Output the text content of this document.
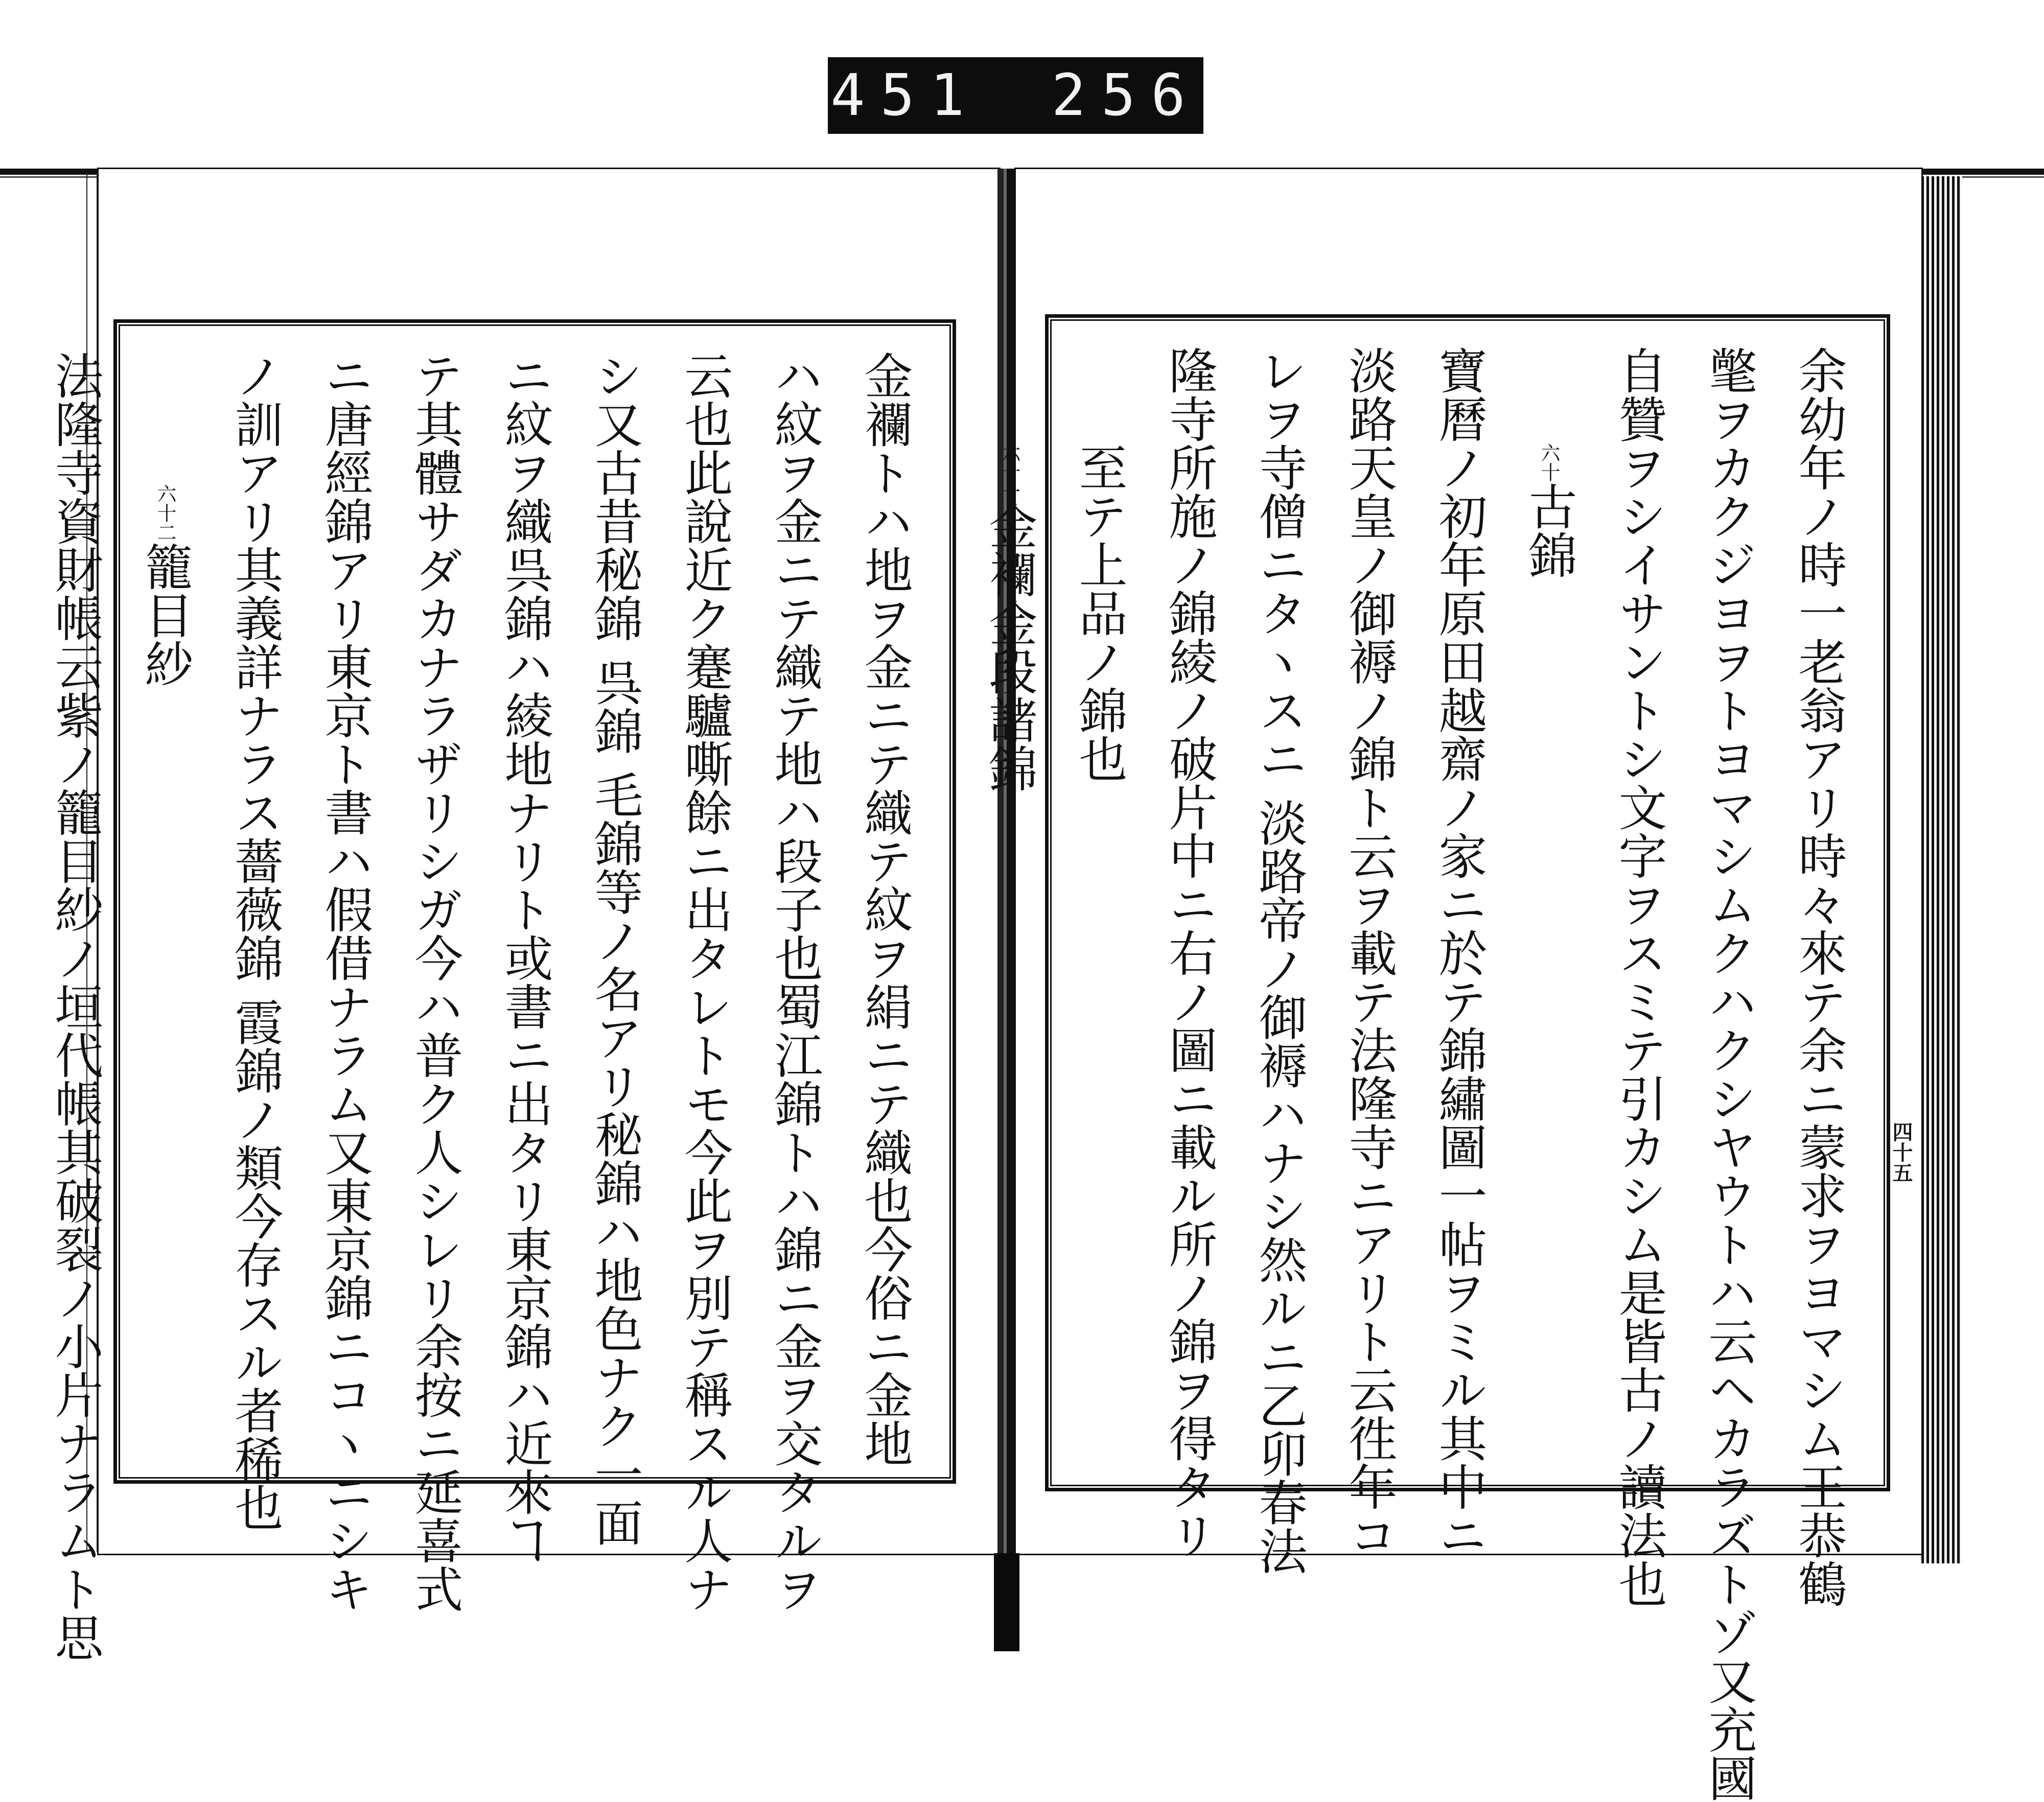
451 256
余幼年ノ時一老翁アリ時々來テ余ニ蒙求ヲヨマシム王恭鶴
氅ヲカクジヨヲトヨマシムクハクシヤウトハ云ヘカラズトゾ又充國
自贊ヲシイサントシ文字ヲスミテ引カシム是皆古ノ讀法也
六十古錦
寶曆ノ初年原田越齋ノ家ニ於テ錦繡圖一帖ヲミル其中ニ
淡路天皇ノ御褥ノ錦ト云ヲ載テ法隆寺ニアリト云徃年コ
レヲ寺僧ニタヽスニ 淡路帝ノ御褥ハナシ然ルニ乙卯春法
隆寺所施ノ錦綾ノ破片中ニ右ノ圖ニ載ル所ノ錦ヲ得タリ
至テ上品ノ錦也
六十一金襴金段諸錦
金襴トハ地ヲ金ニテ織テ紋ヲ絹ニテ織也今俗ニ金地
ハ紋ヲ金ニテ織テ地ハ段子也蜀江錦トハ錦ニ金ヲ交タルヲ
云也此說近ク蹇驢嘶餘ニ出タレトモ今此ヲ別テ稱スル人ナ
シ又古昔秘錦 呉錦 毛錦等ノ名アリ秘錦ハ地色ナク一面
ニ紋ヲ織呉錦ハ綾地ナリト或書ニ出タリ東京錦ハ近來ヿ
テ其體サダカナラザリシガ今ハ普ク人シレリ余按ニ延喜式
ニ唐經錦アリ東京ト書ハ假借ナラム又東京錦ニコヽニシキ
ノ訓アリ其義詳ナラス薔薇錦 霞錦ノ類今存スル者稀也
六十二籠目紗
法隆寺資財帳云紫ノ籠目紗ノ垣代帳其破裂ノ小片ナラムト思	四十五
